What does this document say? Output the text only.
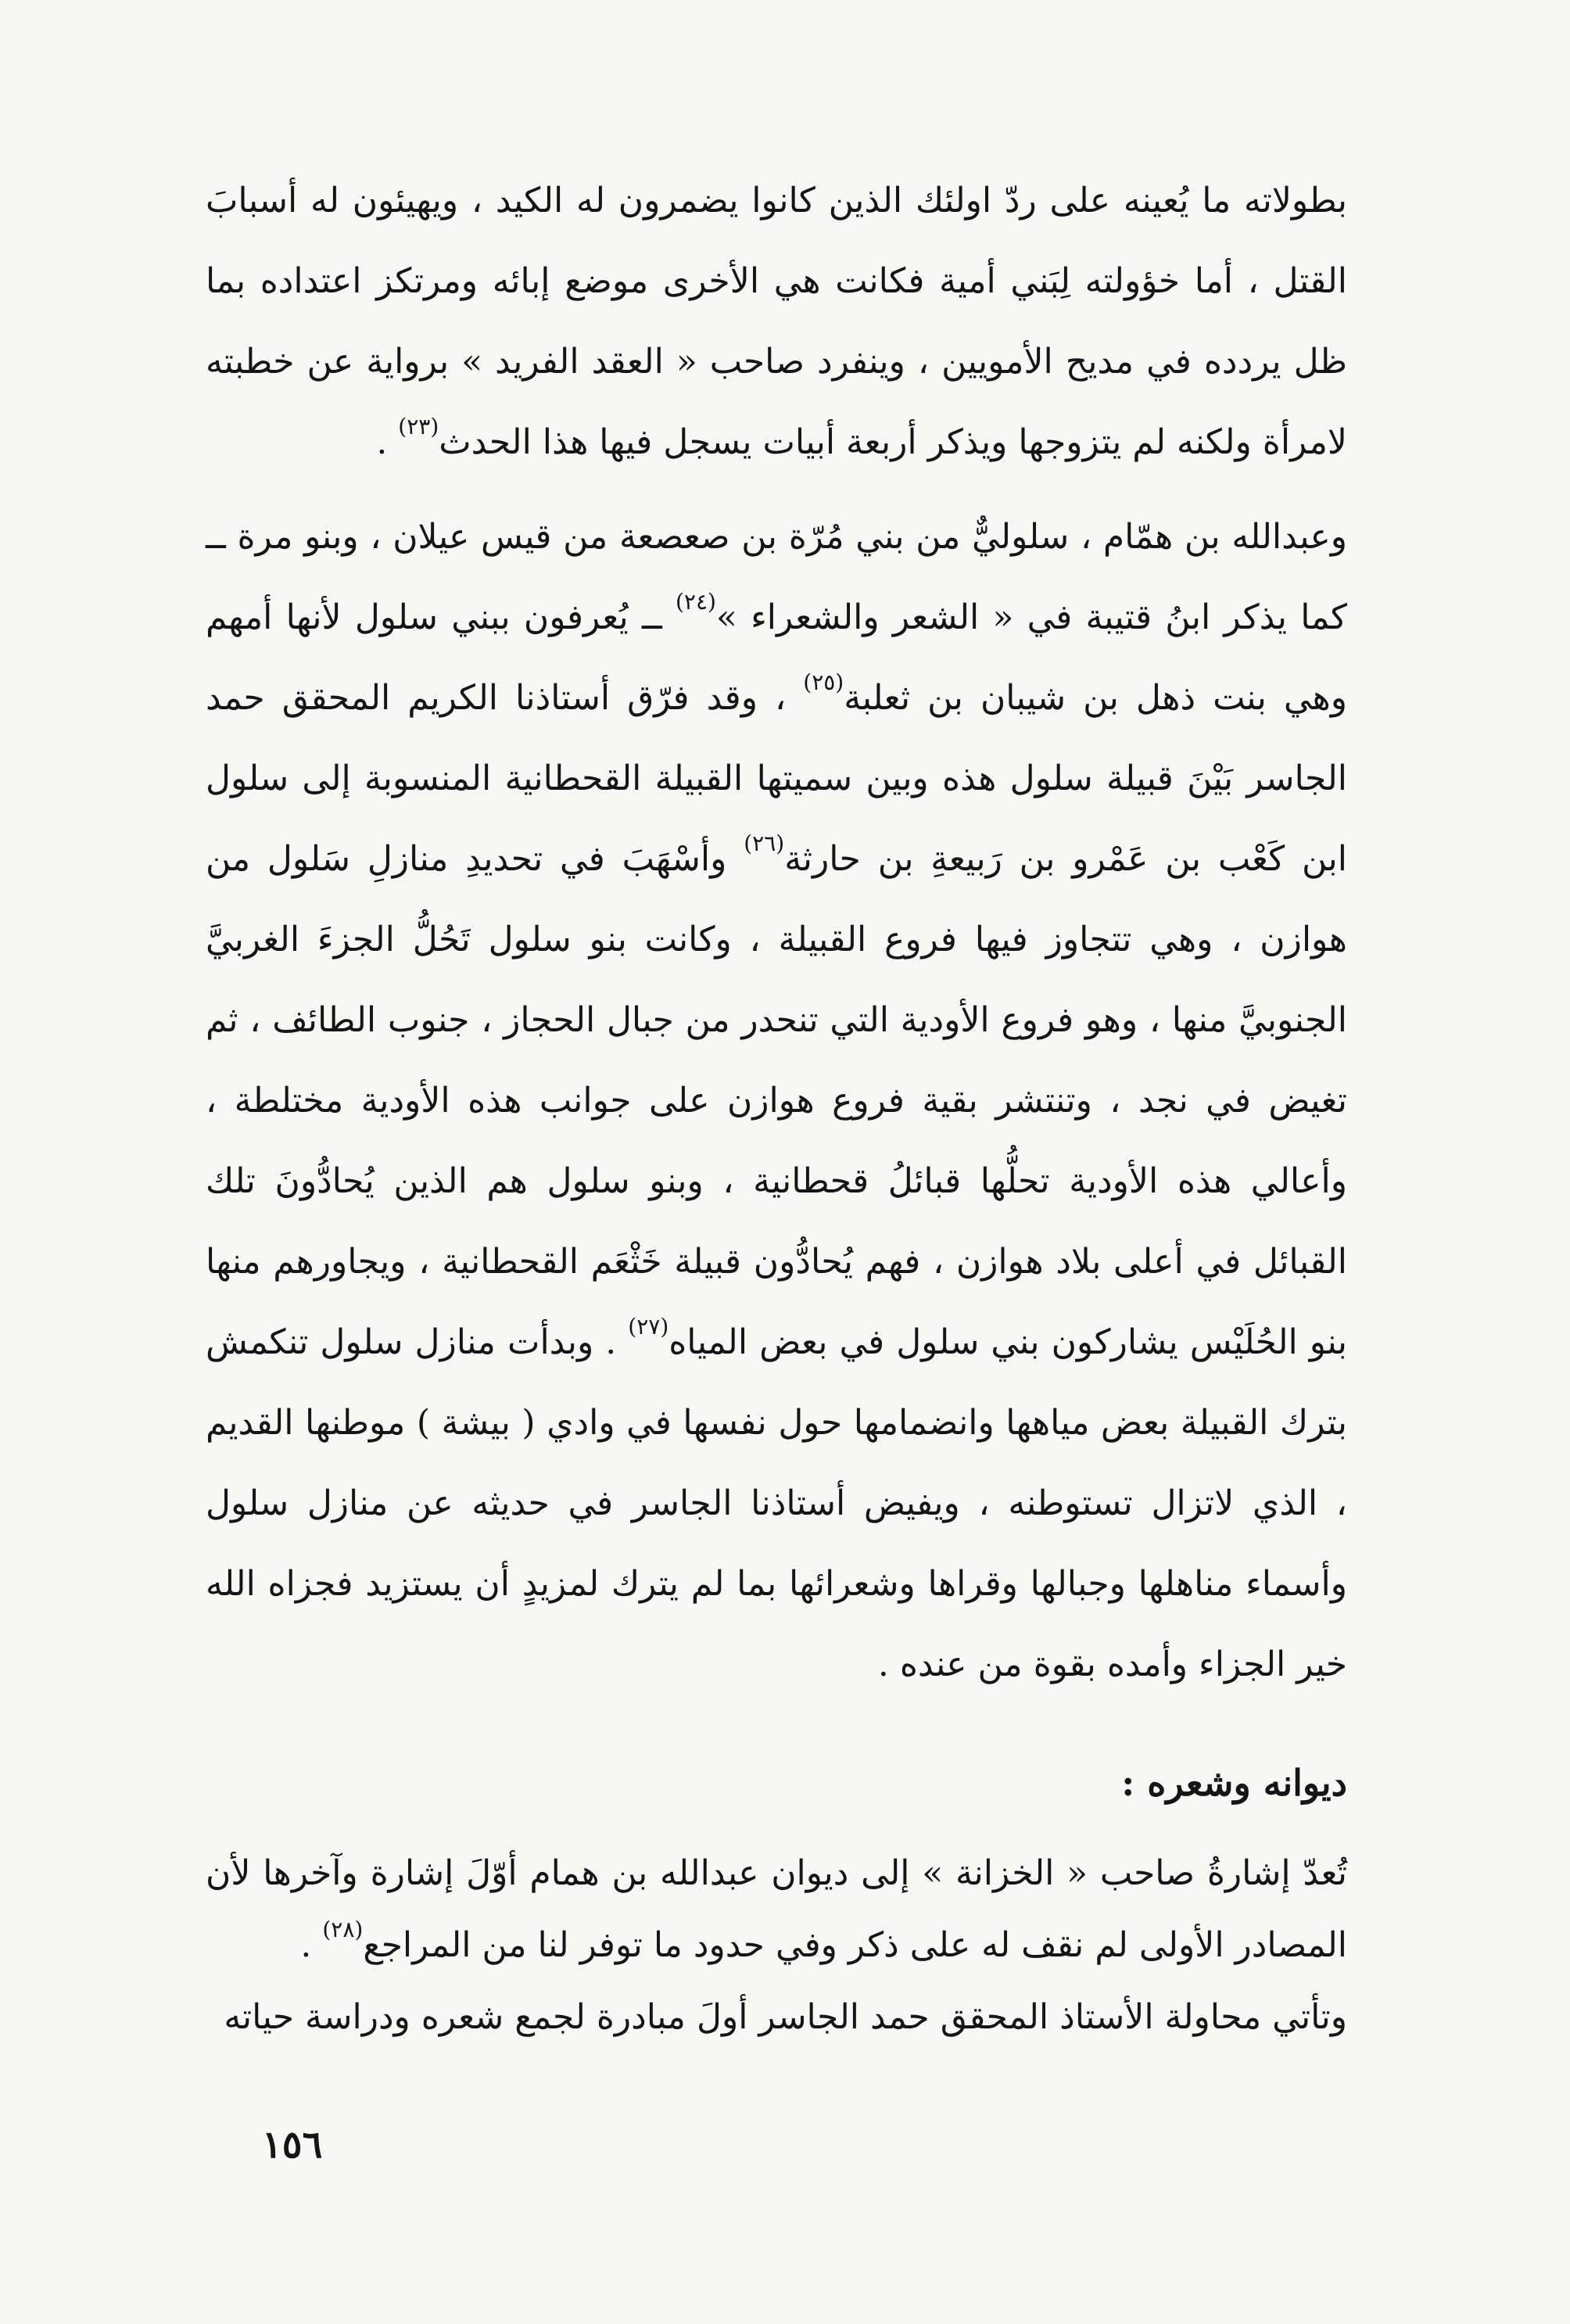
بطولاته ما يُعينه على ردّ اولئك الذين كانوا يضمرون له الكيد ، ويهيئون له أسبابَ القتل ، أما خؤولته لِبَني أمية فكانت هي الأخرى موضع إبائه ومرتكز اعتداده بما ظل يردده في مديح الأمويين ، وينفرد صاحب « العقد الفريد » برواية عن خطبته لامرأة ولكنه لم يتزوجها ويذكر أربعة أبيات يسجل فيها هذا الحدث$^{(٢٣)}$ .

وعبدالله بن همّام ، سلوليٌّ من بني مُرّة بن صعصعة من قيس عيلان ، وبنو مرة ــ كما يذكر ابنُ قتيبة في « الشعر والشعراء »$^{(٢٤)}$ ــ يُعرفون ببني سلول لأنها أمهم وهي بنت ذهل بن شيبان بن ثعلبة$^{(٢٥)}$ ، وقد فرّق أستاذنا الكريم المحقق حمد الجاسر بَيْنَ قبيلة سلول هذه وبين سميتها القبيلة القحطانية المنسوبة إلى سلول ابن كَعْب بن عَمْرو بن رَبيعةِ بن حارثة$^{(٢٦)}$ وأسْهَبَ في تحديدِ منازلِ سَلول من هوازن ، وهي تتجاوز فيها فروع القبيلة ، وكانت بنو سلول تَحُلُّ الجزءَ الغربيَّ الجنوبيَّ منها ، وهو فروع الأودية التي تنحدر من جبال الحجاز ، جنوب الطائف ، ثم تغيض في نجد ، وتنتشر بقية فروع هوازن على جوانب هذه الأودية مختلطة ، وأعالي هذه الأودية تحلُّها قبائلُ قحطانية ، وبنو سلول هم الذين يُحادُّونَ تلك القبائل في أعلى بلاد هوازن ، فهم يُحادُّون قبيلة خَثْعَم القحطانية ، ويجاورهم منها بنو الحُلَيْس يشاركون بني سلول في بعض المياه$^{(٢٧)}$ . وبدأت منازل سلول تنكمش بترك القبيلة بعض مياهها وانضمامها حول نفسها في وادي ( بيشة ) موطنها القديم ، الذي لاتزال تستوطنه ، ويفيض أستاذنا الجاسر في حديثه عن منازل سلول وأسماء مناهلها وجبالها وقراها وشعرائها بما لم يترك لمزيدٍ أن يستزيد فجزاه الله خير الجزاء وأمده بقوة من عنده .

ديوانه وشعره :

تُعدّ إشارةُ صاحب « الخزانة » إلى ديوان عبدالله بن همام أوّلَ إشارة وآخرها لأن المصادر الأولى لم نقف له على ذكر وفي حدود ما توفر لنا من المراجع$^{(٢٨)}$ .

وتأتي محاولة الأستاذ المحقق حمد الجاسر أولَ مبادرة لجمع شعره ودراسة حياته

١٥٦
